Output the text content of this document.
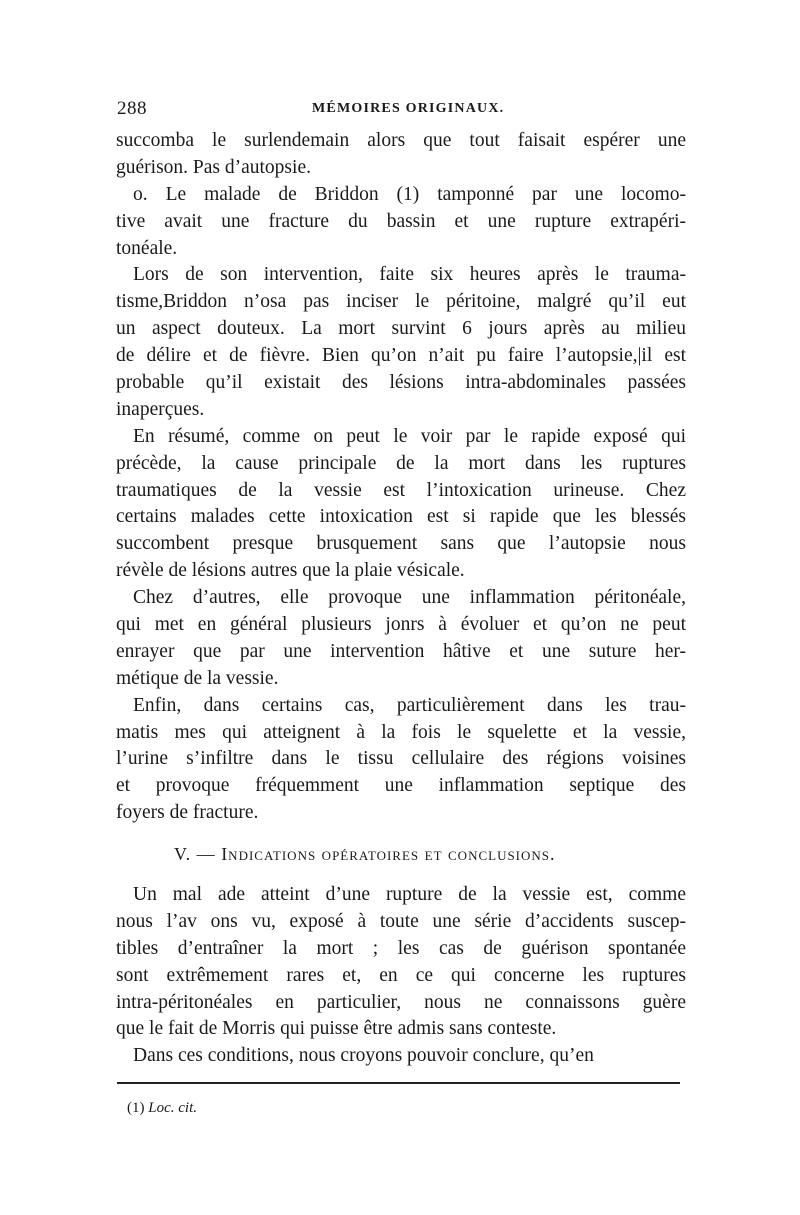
288	MÉMOIRES ORIGINAUX.
succomba le surlendemain alors que tout faisait espérer une
guérison. Pas d’autopsie.
o. Le malade de Briddon (1) tamponné par une locomo-
tive avait une fracture du bassin et une rupture extrapéri-
tonéale.
Lors de son intervention, faite six heures après le trauma-
tisme,Briddon n’osa pas inciser le péritoine, malgré qu’il eut
un aspect douteux. La mort survint 6 jours après au milieu
de délire et de fièvre. Bien qu’on n’ait pu faire l’autopsie,|il est
probable qu’il existait des lésions intra-abdominales passées
inaperçues.
En résumé, comme on peut le voir par le rapide exposé qui
précède, la cause principale de la mort dans les ruptures
traumatiques de la vessie est l’intoxication urineuse. Chez
certains malades cette intoxication est si rapide que les blessés
succombent presque brusquement sans que l’autopsie nous
révèle de lésions autres que la plaie vésicale.
Chez d’autres, elle provoque une inflammation péritonéale,
qui met en général plusieurs jonrs à évoluer et qu’on ne peut
enrayer que par une intervention hâtive et une suture her-
métique de la vessie.
Enfin, dans certains cas, particulièrement dans les trau-
matis mes qui atteignent à la fois le squelette et la vessie,
l’urine s’infiltre dans le tissu cellulaire des régions voisines
et provoque fréquemment une inflammation septique des
foyers de fracture.
V. — Indications opératoires et conclusions.
Un mal ade atteint d’une rupture de la vessie est, comme
nous l’av ons vu, exposé à toute une série d’accidents suscep-
tibles d’entraîner la mort ; les cas de guérison spontanée
sont extrêmement rares et, en ce qui concerne les ruptures
intra-péritonéales en particulier, nous ne connaissons guère
que le fait de Morris qui puisse être admis sans conteste.
Dans ces conditions, nous croyons pouvoir conclure, qu’en
(1) Loc. cit.
